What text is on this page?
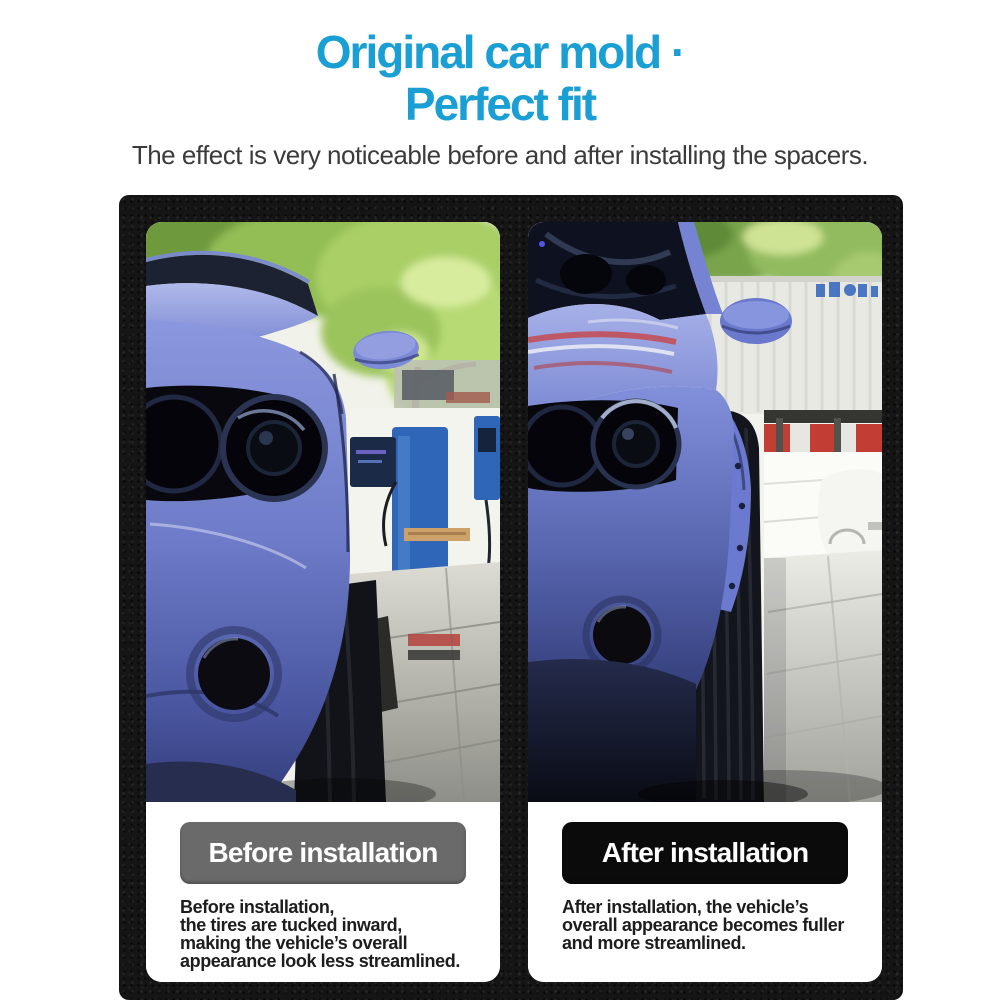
Original car mold ·
Perfect fit

The effect is very noticeable before and after installing the spacers.

Before installation
Before installation,
the tires are tucked inward,
making the vehicle’s overall
appearance look less streamlined.
After installation
After installation, the vehicle’s
overall appearance becomes fuller
and more streamlined.
